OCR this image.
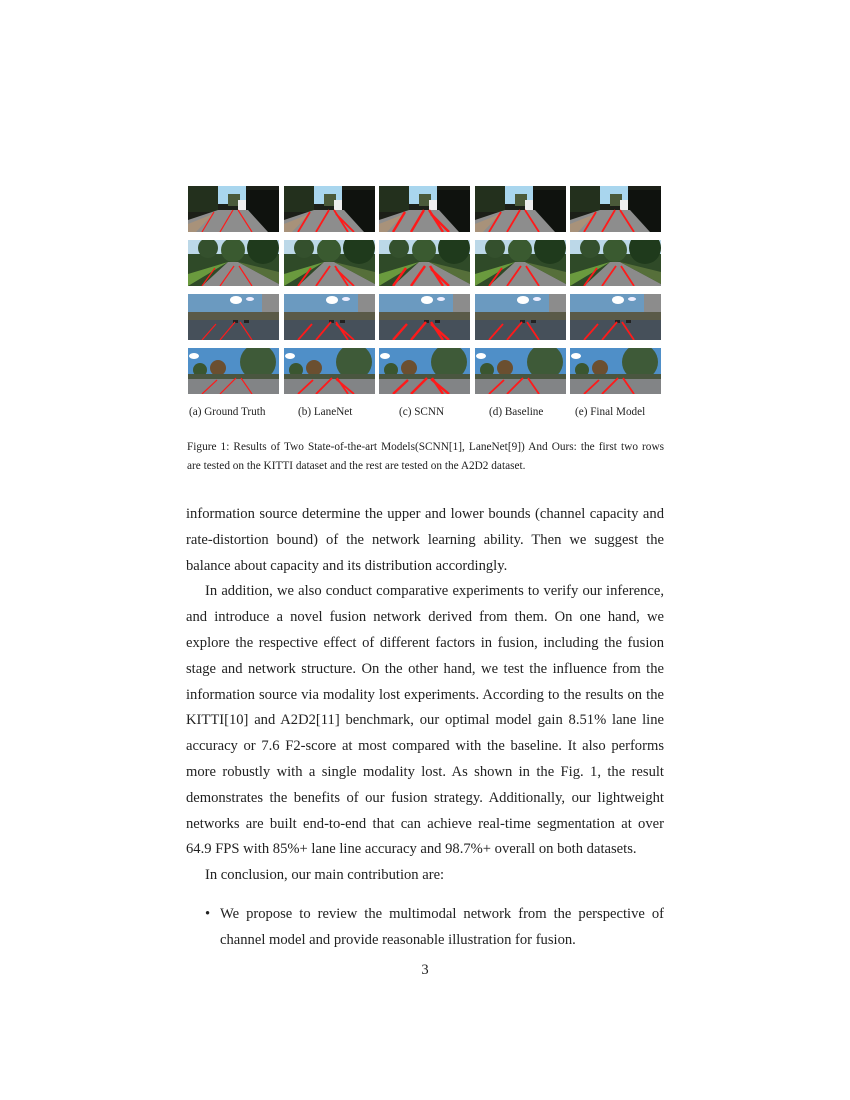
(a) Ground Truth	(b) LaneNet	(c) SCNN	(d) Baseline	(e) Final Model
Figure 1: Results of Two State-of-the-art Models(SCNN[1], LaneNet[9]) And Ours: the first two rows are tested on the KITTI dataset and the rest are tested on the A2D2 dataset.

information source determine the upper and lower bounds (channel capacity and rate-distortion bound) of the network learning ability. Then we suggest the balance about capacity and its distribution accordingly.

In addition, we also conduct comparative experiments to verify our inference, and introduce a novel fusion network derived from them. On one hand, we explore the respective effect of different factors in fusion, including the fusion stage and network structure. On the other hand, we test the influence from the information source via modality lost experiments. According to the results on the KITTI[10] and A2D2[11] benchmark, our optimal model gain 8.51% lane line accuracy or 7.6 F2-score at most compared with the baseline. It also performs more robustly with a single modality lost. As shown in the Fig. 1, the result demonstrates the benefits of our fusion strategy. Additionally, our lightweight networks are built end-to-end that can achieve real-time segmentation at over 64.9 FPS with 85%+ lane line accuracy and 98.7%+ overall on both datasets.

In conclusion, our main contribution are:

• We propose to review the multimodal network from the perspective of channel model and provide reasonable illustration for fusion.

3
